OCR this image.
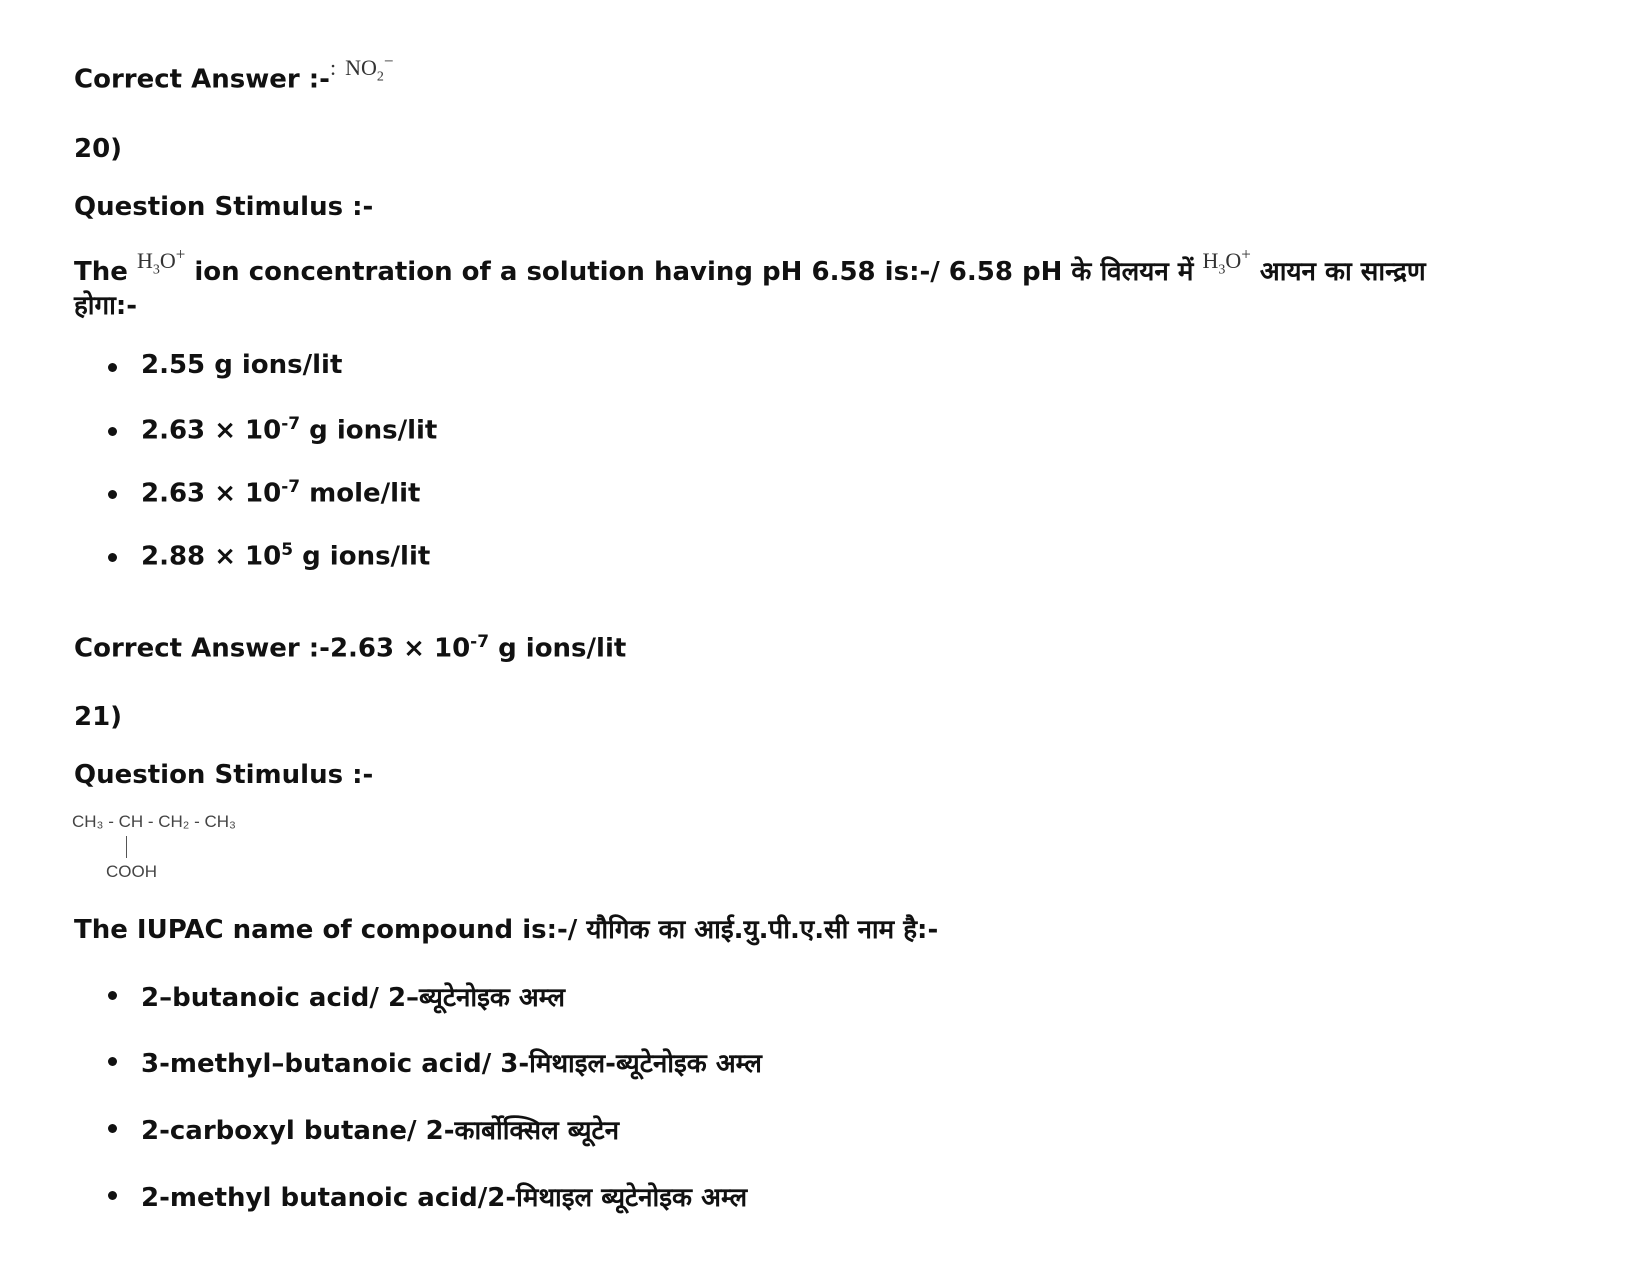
Correct Answer :-: $^{NO_2^-}$
20)
Question Stimulus :-
The $^{H_3O^+}$ ion concentration of a solution having pH 6.58 is:-/ 6.58 pH के विलयन में $^{H_3O^+}$ आयन का सान्द्रण
होगा:-
2.55 g ions/lit
$2.63 \times 10^{-7}$ g ions/lit
$2.63 \times 10^{-7}$ mole/lit
$2.88 \times 10^5$ g ions/lit
Correct Answer :-2.63 × $10^{-7}$ g ions/lit
21)
Question Stimulus :-
CH₃ - CH - CH₂ - CH₃
COOH
The IUPAC name of compound is:-/ यौगिक का आई.यु.पी.ए.सी नाम है:-
2–butanoic acid/ 2–ब्यूटेनोइक अम्ल
3-methyl–butanoic acid/ 3-मिथाइल-ब्यूटेनोइक अम्ल
2-carboxyl butane/ 2-कार्बोक्सिल ब्यूटेन
2-methyl butanoic acid/2-मिथाइल ब्यूटेनोइक अम्ल
